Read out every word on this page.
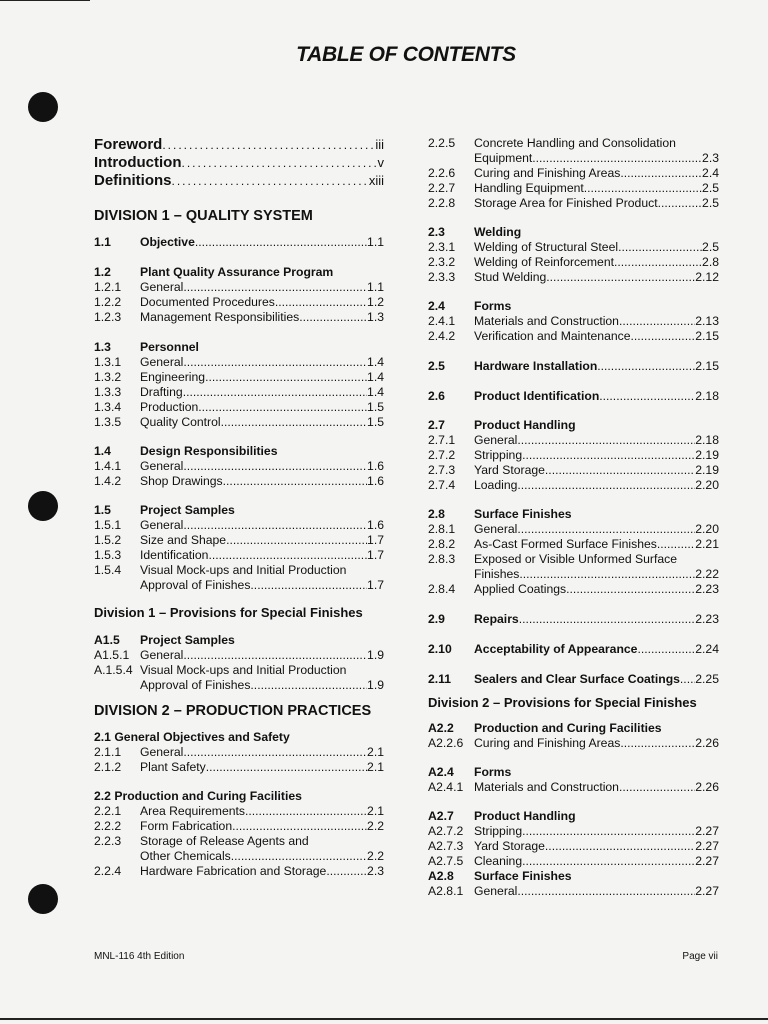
TABLE OF CONTENTS
Foreword .....	iii
Introduction .....	v
Definitions .....	xiii
DIVISION 1 – QUALITY SYSTEM
1.1	Objective .....	1.1
1.2	Plant Quality Assurance Program
1.2.1	General .....	1.1
1.2.2	Documented Procedures .....	1.2
1.2.3	Management Responsibilities .....	1.3
1.3	Personnel
1.3.1	General .....	1.4
1.3.2	Engineering .....	1.4
1.3.3	Drafting .....	1.4
1.3.4	Production .....	1.5
1.3.5	Quality Control .....	1.5
1.4	Design Responsibilities
1.4.1	General .....	1.6
1.4.2	Shop Drawings .....	1.6
1.5	Project Samples
1.5.1	General .....	1.6
1.5.2	Size and Shape .....	1.7
1.5.3	Identification .....	1.7
1.5.4	Visual Mock-ups and Initial Production
Approval of Finishes .....	1.7
Division 1 – Provisions for Special Finishes
A1.5	Project Samples
A1.5.1 General .....	1.9
A.1.5.4 Visual Mock-ups and Initial Production
Approval of Finishes .....	1.9
DIVISION 2 – PRODUCTION PRACTICES
2.1 General Objectives and Safety
2.1.1	General .....	2.1
2.1.2	Plant Safety .....	2.1
2.2 Production and Curing Facilities
2.2.1	Area Requirements .....	2.1
2.2.2	Form Fabrication .....	2.2
2.2.3	Storage of Release Agents and
Other Chemicals .....	2.2
2.2.4	Hardware Fabrication and Storage .....	2.3
2.2.5	Concrete Handling and Consolidation
Equipment .....	2.3
2.2.6	Curing and Finishing Areas .....	2.4
2.2.7	Handling Equipment .....	2.5
2.2.8	Storage Area for Finished Product .....	2.5
2.3	Welding
2.3.1	Welding of Structural Steel .....	2.5
2.3.2	Welding of Reinforcement .....	2.8
2.3.3	Stud Welding .....	2.12
2.4	Forms
2.4.1	Materials and Construction .....	2.13
2.4.2	Verification and Maintenance .....	2.15
2.5	Hardware Installation .....	2.15
2.6	Product Identification .....	2.18
2.7	Product Handling
2.7.1	General .....	2.18
2.7.2	Stripping .....	2.19
2.7.3	Yard Storage .....	2.19
2.7.4	Loading .....	2.20
2.8	Surface Finishes
2.8.1	General .....	2.20
2.8.2	As-Cast Formed Surface Finishes .....	2.21
2.8.3	Exposed or Visible Unformed Surface
Finishes .....	2.22
2.8.4	Applied Coatings .....	2.23
2.9	Repairs .....	2.23
2.10	Acceptability of Appearance .....	2.24
2.11	Sealers and Clear Surface Coatings ..... 2.25
Division 2 – Provisions for Special Finishes
A2.2	Production and Curing Facilities
A2.2.6 Curing and Finishing Areas .....	2.26
A2.4	Forms
A2.4.1 Materials and Construction .....	2.26
A2.7	Product Handling
A2.7.2 Stripping .....	2.27
A2.7.3 Yard Storage .....	2.27
A2.7.5 Cleaning .....	2.27
A2.8	Surface Finishes
A2.8.1 General .....	2.27
MNL-116 4th Edition	Page vii
